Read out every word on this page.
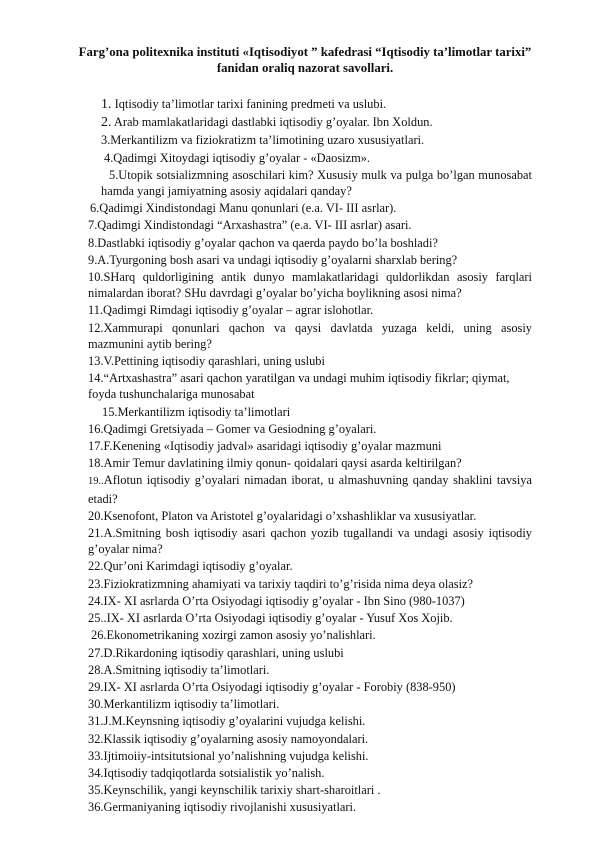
Farg’ona politexnika instituti «Iqtisodiyot ” kafedrasi “Iqtisodiy ta’limotlar tarixi” fanidan oraliq nazorat savollari.
1. Iqtisodiy ta’limotlar tarixi fanining predmeti va uslubi.
2. Arab mamlakatlaridagi dastlabki iqtisodiy g’oyalar. Ibn Xoldun.
3.Merkantilizm va fiziokratizm ta’limotining uzaro xususiyatlari.
4.Qadimgi Xitoydagi iqtisodiy g’oyalar - «Daosizm».
5.Utopik sotsializmning asoschilari kim? Xususiy mulk va pulga bo’lgan munosabat hamda yangi jamiyatning asosiy aqidalari qanday?
6.Qadimgi Xindistondagi Manu qonunlari (e.a. VI- III asrlar).
7.Qadimgi Xindistondagi “Arxashastra” (e.a. VI- III asrlar) asari.
8.Dastlabki iqtisodiy g’oyalar qachon va qaerda paydo bo’la boshladi?
9.A.Tyurgoning bosh asari va undagi iqtisodiy g’oyalarni sharxlab bering?
10.SHarq quldorligining antik dunyo mamlakatlaridagi quldorlikdan asosiy farqlari nimalardan iborat? SHu davrdagi g’oyalar bo’yicha boylikning asosi nima?
11.Qadimgi Rimdagi iqtisodiy g’oyalar – agrar islohotlar.
12.Xammurapi qonunlari qachon va qaysi davlatda yuzaga keldi, uning asosiy mazmunini aytib bering?
13.V.Pettining iqtisodiy qarashlari, uning uslubi
14.“Artxashastra” asari qachon yaratilgan va undagi muhim iqtisodiy fikrlar; qiymat, foyda tushunchalariga munosabat
15.Merkantilizm iqtisodiy ta’limotlari
16.Qadimgi Gretsiyada – Gomer va Gesiodning g’oyalari.
17.F.Kenening «Iqtisodiy jadval» asaridagi iqtisodiy g’oyalar mazmuni
18.Amir Temur davlatining ilmiy qonun- qoidalari qaysi asarda keltirilgan?
19..Aflotun iqtisodiy g’oyalari nimadan iborat, u almashuvning qanday shaklini tavsiya etadi?
20.Ksenofont, Platon va Aristotel g’oyalaridagi o’xshashliklar va xususiyatlar.
21.A.Smitning bosh iqtisodiy asari qachon yozib tugallandi va undagi asosiy iqtisodiy g’oyalar nima?
22.Qur’oni Karimdagi iqtisodiy g’oyalar.
23.Fiziokratizmning ahamiyati va tarixiy taqdiri to’g’risida nima deya olasiz?
24.IX- XI asrlarda O’rta Osiyodagi iqtisodiy g’oyalar - Ibn Sino (980-1037)
25..IX- XI asrlarda O’rta Osiyodagi iqtisodiy g’oyalar - Yusuf Xos Xojib.
26.Ekonometrikaning xozirgi zamon asosiy yo’nalishlari.
27.D.Rikardoning iqtisodiy qarashlari, uning uslubi
28.A.Smitning iqtisodiy ta’limotlari.
29.IX- XI asrlarda O’rta Osiyodagi iqtisodiy g’oyalar - Forobiy (838-950)
30.Merkantilizm iqtisodiy ta’limotlari.
31.J.M.Keynsning iqtisodiy g’oyalarini vujudga kelishi.
32.Klassik iqtisodiy g’oyalarning asosiy namoyondalari.
33.Ijtimoiiy-intsitutsional yo’nalishning vujudga kelishi.
34.Iqtisodiy tadqiqotlarda sotsialistik yo’nalish.
35.Keynschilik, yangi keynschilik tarixiy shart-sharoitlari .
36.Germaniyaning iqtisodiy rivojlanishi xususiyatlari.
